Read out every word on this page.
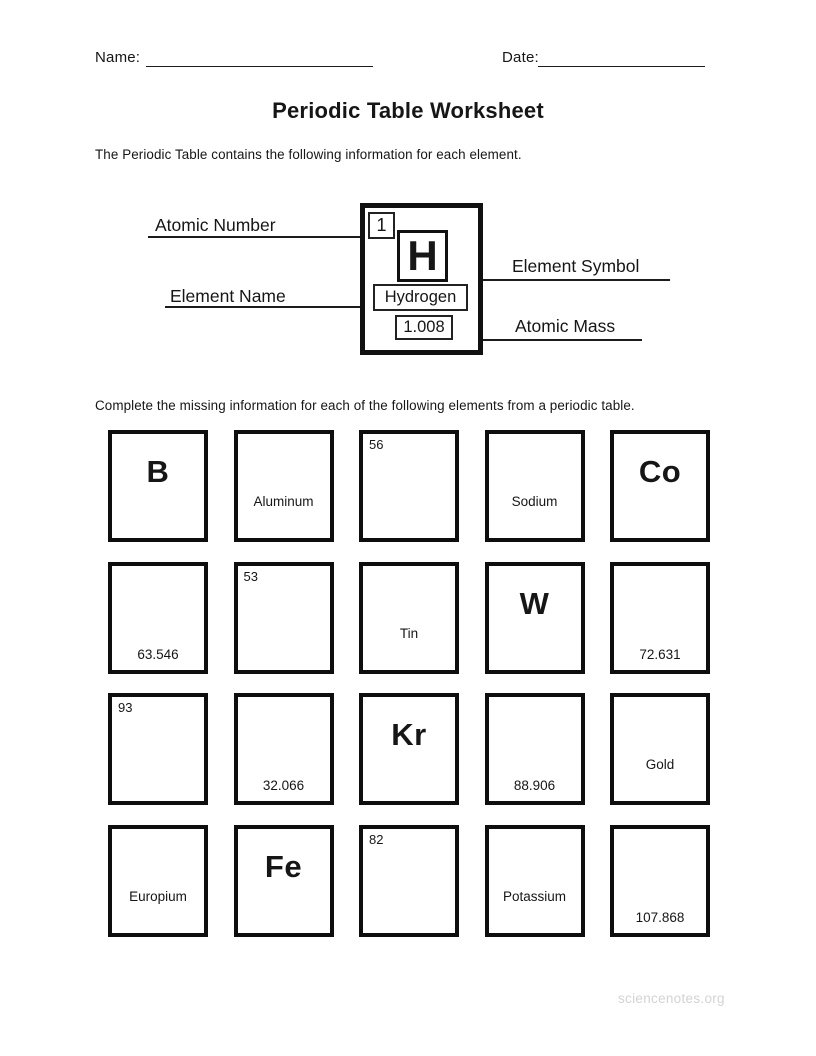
Name:	Date:
Periodic Table Worksheet
The Periodic Table contains the following information for each element.
Atomic Number
Element Name
Element Symbol
Atomic Mass
1
H
Hydrogen
1.008
Complete the missing information for each of the following elements from a periodic table.
B
Aluminum
56
Sodium
Co
63.546
53
Tin
W
72.631
93
32.066
Kr
88.906
Gold
Europium
Fe
82
Potassium
107.868
sciencenotes.org
